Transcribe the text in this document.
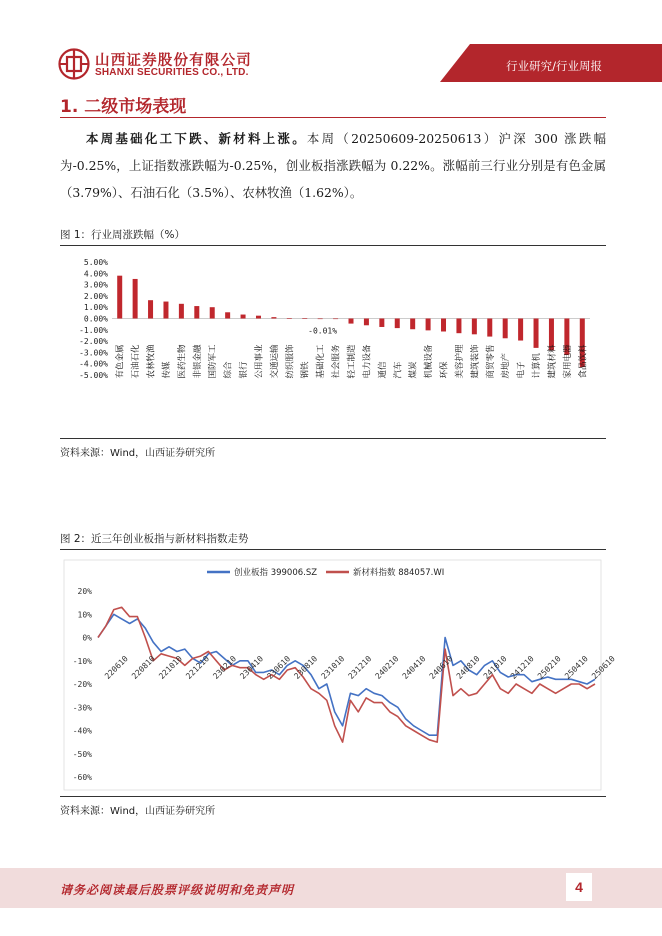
山西证券股份有限公司
SHANXI SECURITIES CO., LTD.	行业研究/行业周报
1. 二级市场表现
本周基础化工下跌、新材料上涨。本周（20250609-20250613）沪深 300 涨跌幅为-0.25%，上证指数涨跌幅为-0.25%，创业板指涨跌幅为 0.22%。涨幅前三行业分别是有色金属（3.79%）、石油石化（3.5%）、农林牧渔（1.62%）。
图 1：行业周涨跌幅（%）
5.00%
4.00%
3.00%
2.00%
1.00%
0.00%
-1.00%
-2.00%
-3.00%
-4.00%
-5.00% 有色金属 石油石化 农林牧渔 传媒 医药生物 非银金融 国防军工 综合 银行 公用事业 交通运输 纺织服饰 钢铁 基础化工 社会服务 轻工制造 电力设备 通信 汽车 煤炭 机械设备 环保 美容护理 建筑装饰 商贸零售 房地产 电子 计算机 建筑材料 家用电器 食品饮料
-0.01%
资料来源：Wind，山西证券研究所
图 2：近三年创业板指与新材料指数走势
创业板指 399006.SZ	新材料指数 884057.WI
20%
10%
0%
-10%
-20%
-30%
-40%
-50%
-60%
220610 220810 221010 221210 230210 230410 230610 230810 231010 231210 240210 240410 240610 240810 241010 241210 250210 250410 250610
资料来源：Wind，山西证券研究所
请务必阅读最后股票评级说明和免责声明	4
